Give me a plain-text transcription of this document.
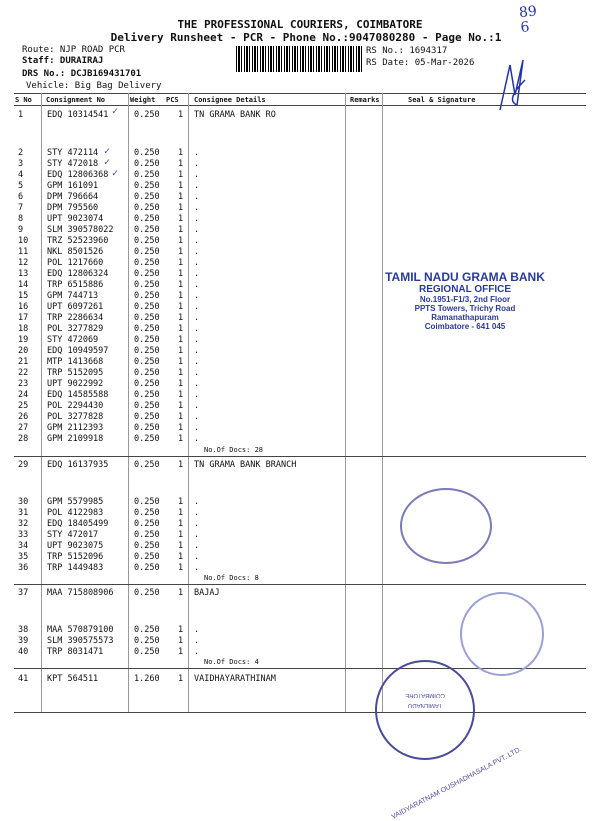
89
6
THE PROFESSIONAL COURIERS, COIMBATORE
Delivery Runsheet - PCR - Phone No.:9047080280 - Page No.:1
Route: NJP ROAD PCR
Staff: DURAIRAJ
DRS No.: DCJB169431701
Vehicle: Big Bag Delivery
RS No.: 1694317
RS Date: 05-Mar-2026
S No Consignment No	Weight PCS Consignee Details	Remarks	Seal & Signature
1	EDQ 10314541	0.250 1 TN GRAMA BANK RO
2	STY 472114	0.250 1 .
3	STY 472018	0.250 1 .
4	EDQ 12806368	0.250 1 .
5	GPM 161091	0.250 1 .
6	DPM 796664	0.250 1 .
7	DPM 795560	0.250 1 .
8	UPT 9023074	0.250 1 .
9	SLM 390578022 0.250 1 .
10 TRZ 52523960	0.250 1 .
11 NKL 8501526	0.250 1 .
12 POL 1217660	0.250 1 .
13 EDQ 12806324	0.250 1 .
14 TRP 6515886	0.250 1 .
15 GPM 744713	0.250 1 .
16 UPT 6097261	0.250 1 .
17 TRP 2286634	0.250 1 .
18 POL 3277829	0.250 1 .
19 STY 472069	0.250 1 .
20 EDQ 10949597	0.250 1 .
21 MTP 1413668	0.250 1 .
22 TRP 5152095	0.250 1 .
23 UPT 9022992	0.250 1 .
24 EDQ 14585588	0.250 1 .
25 POL 2294430	0.250 1 .
26 POL 3277828	0.250 1 .
27 GPM 2112393	0.250 1 .
28 GPM 2109918	0.250 1 .
29 EDQ 16137935	0.250 1 TN GRAMA BANK BRANCH
30 GPM 5579985	0.250 1 .
31 POL 4122983	0.250 1 .
32 EDQ 18405499	0.250 1 .
33 STY 472017	0.250 1 .
34 UPT 9023075	0.250 1 .
35 TRP 5152096	0.250 1 .
36 TRP 1449483	0.250 1 .
37 MAA 715808906 0.250 1 BAJAJ
38 MAA 570879100 0.250 1 .
39 SLM 390575573 0.250 1 .
40 TRP 8031471	0.250 1 .
41 KPT 564511	1.260 1 VAIDHAYARATHINAM
No.Of Docs: 28
No.Of Docs: 8
No.Of Docs: 4
TAMIL NADU GRAMA BANK
REGIONAL OFFICE
No.1951-F1/3, 2nd Floor
PPTS Towers, Trichy Road
Ramanathapuram
Coimbatore - 641 045
COIMBATORE
TAMILNADU
VAIDYARATNAM OUSHADHASALA PVT. LTD.
✓
✓
✓
✓
